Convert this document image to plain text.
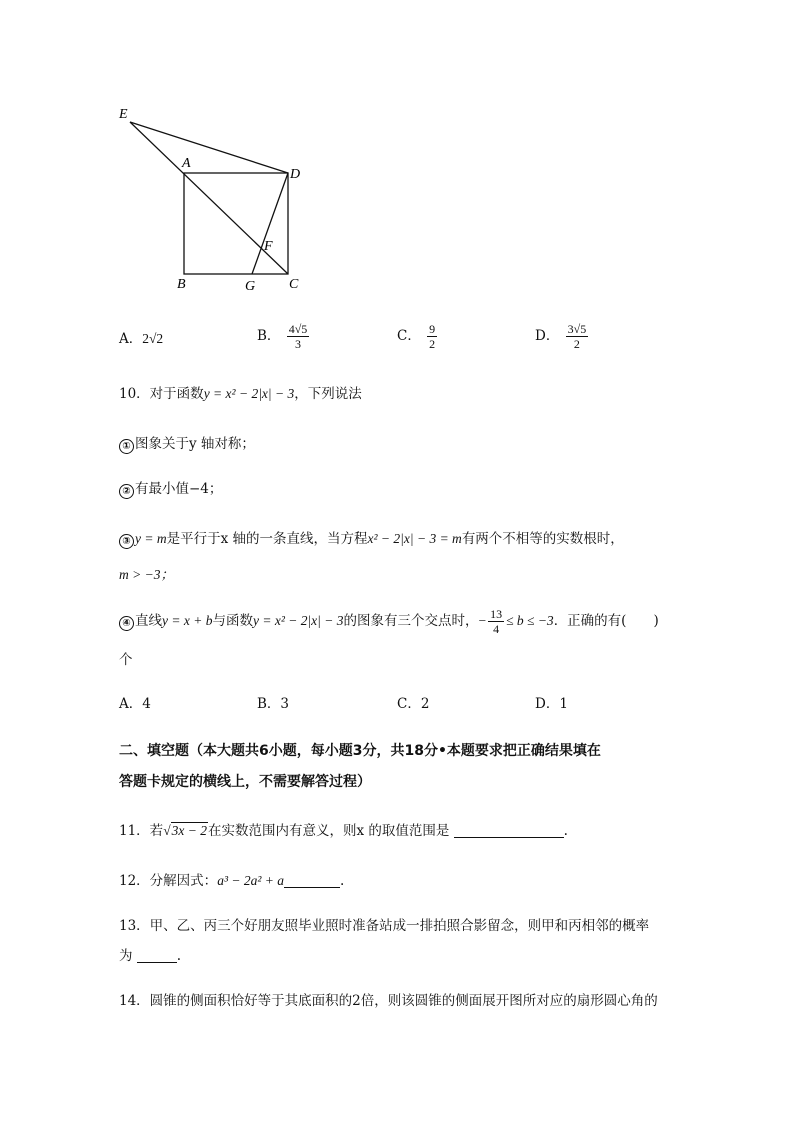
E
A
D
F
B	G C
A．2√2	B． $\frac{4√5}{3}$	C． $\frac{9}{2}$	D． $\frac{3√5}{2}$
10．对于函数y = x² − 2|x| − 3，下列说法
① 图象关于y 轴对称；
② 有最小值−4；
③ y = m是平行于x 轴的一条直线，当方程x² − 2|x| − 3 = m有两个不相等的实数根时，
m > −3；
④ 直线y = x + b与函数y = x² − 2|x| − 3的图象有三个交点时，− $\frac{13}{4} \le b \le -3$．正确的有(　　)
个
A．4	B．3	C．2	D．1
二、填空题（本大题共6小题，每小题3分，共18分•本题要求把正确结果填在
答题卡规定的横线上，不需要解答过程）
11．若√3x − 2在实数范围内有意义，则x 的取值范围是	.
12．分解因式：a³ − 2a² + a	.
13．甲、乙、丙三个好朋友照毕业照时准备站成一排拍照合影留念，则甲和丙相邻的概率
为	.
14．圆锥的侧面积恰好等于其底面积的2倍，则该圆锥的侧面展开图所对应的扇形圆心角的
